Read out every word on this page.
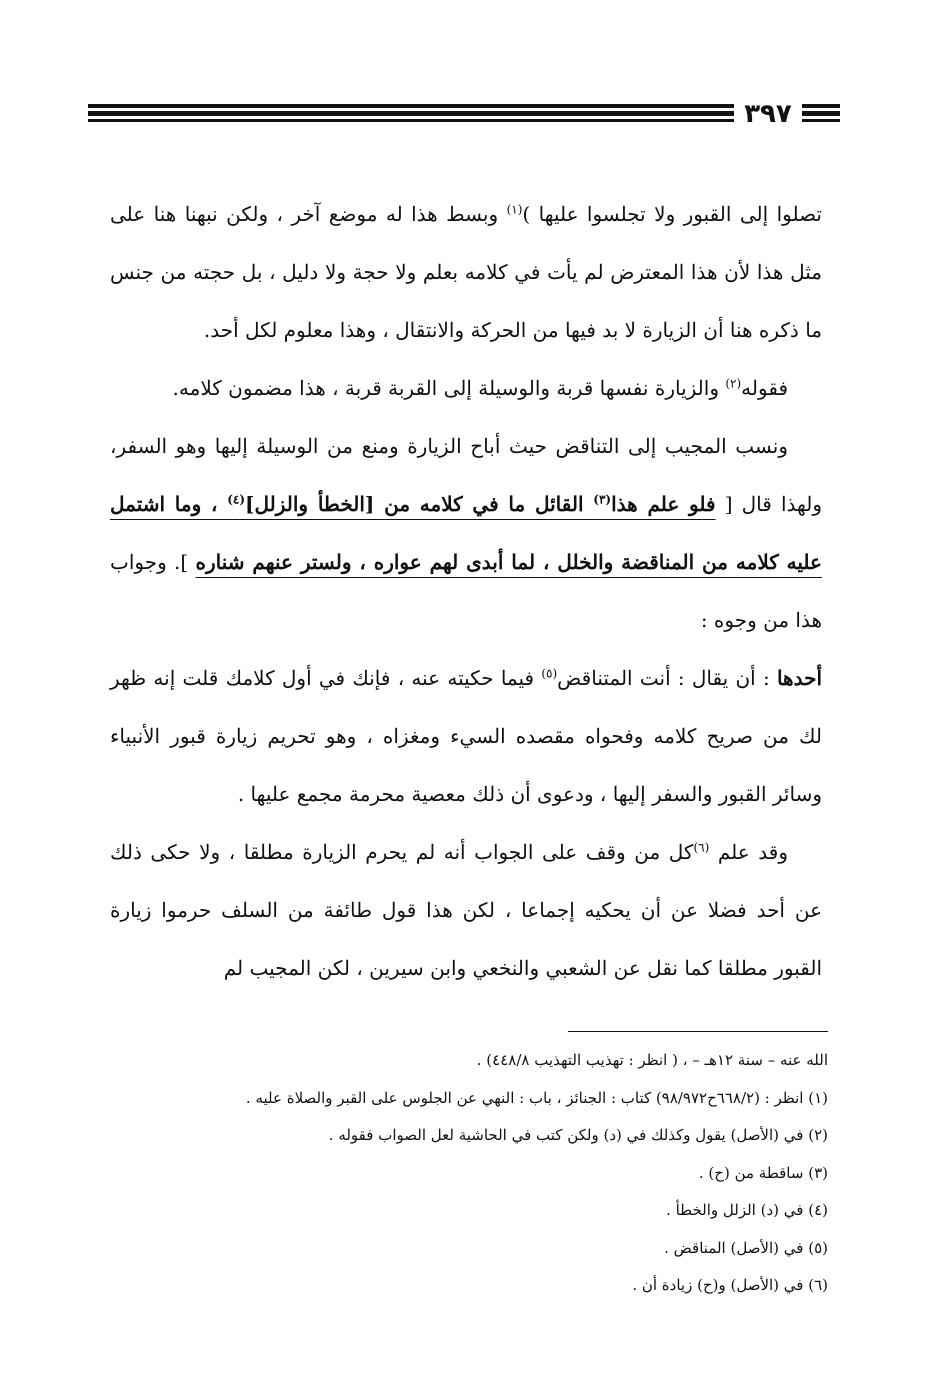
٣٩٧

تصلوا إلى القبور ولا تجلسوا عليها )$^{(١)}$ وبسط هذا له موضع آخر ، ولكن نبهنا هنا على مثل هذا لأن هذا المعترض لم يأت في كلامه بعلم ولا حجة ولا دليل ، بل حجته من جنس ما ذكره هنا أن الزيارة لا بد فيها من الحركة والانتقال ، وهذا معلوم لكل أحد.

فقوله$^{(٢)}$ والزيارة نفسها قربة والوسيلة إلى القربة قربة ، هذا مضمون كلامه.

ونسب المجيب إلى التناقض حيث أباح الزيارة ومنع من الوسيلة إليها وهو السفر، ولهذا قال [ فلو علم هذا$^{(٣)}$ القائل ما في كلامه من [الخطأ والزلل]$^{(٤)}$ ، وما اشتمل عليه كلامه من المناقضة والخلل ، لما أبدى لهم عواره ، ولستر عنهم شناره ]. وجواب هذا من وجوه :

أحدها : أن يقال : أنت المتناقض$^{(٥)}$ فيما حكيته عنه ، فإنك في أول كلامك قلت إنه ظهر لك من صريح كلامه وفحواه مقصده السيء ومغزاه ، وهو تحريم زيارة قبور الأنبياء وسائر القبور والسفر إليها ، ودعوى أن ذلك معصية محرمة مجمع عليها .

وقد علم $^{(٦)}$كل من وقف على الجواب أنه لم يحرم الزيارة مطلقا ، ولا حكى ذلك عن أحد فضلا عن أن يحكيه إجماعا ، لكن هذا قول طائفة من السلف حرموا زيارة القبور مطلقا كما نقل عن الشعبي والنخعي وابن سيرين ، لكن المجيب لم

الله عنه – سنة ١٢هـ – ، ( انظر : تهذيب التهذيب ٤٤٨/٨) .

(١) انظر : (٦٦٨/٢ح٩٨/٩٧٢) كتاب : الجنائز ، باب : النهي عن الجلوس على القبر والصلاة عليه .

(٢) في (الأصل) يقول وكذلك في (د) ولكن كتب في الحاشية لعل الصواب فقوله .

(٣) ساقطة من (ح) .

(٤) في (د) الزلل والخطأ .

(٥) في (الأصل) المناقض .

(٦) في (الأصل) و(ح) زيادة أن .
